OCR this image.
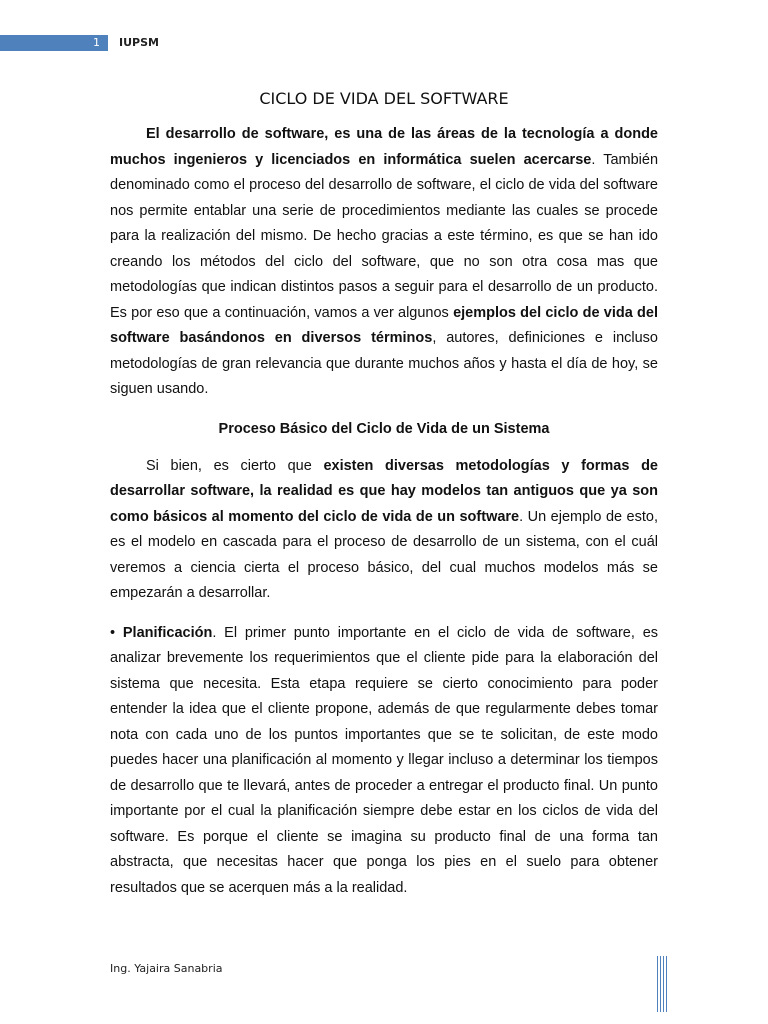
1 IUPSM
CICLO DE VIDA DEL SOFTWARE

El desarrollo de software, es una de las áreas de la tecnología a donde muchos ingenieros y licenciados en informática suelen acercarse. También denominado como el proceso del desarrollo de software, el ciclo de vida del software nos permite entablar una serie de procedimientos mediante las cuales se procede para la realización del mismo. De hecho gracias a este término, es que se han ido creando los métodos del ciclo del software, que no son otra cosa mas que metodologías que indican distintos pasos a seguir para el desarrollo de un producto. Es por eso que a continuación, vamos a ver algunos ejemplos del ciclo de vida del software basándonos en diversos términos, autores, definiciones e incluso metodologías de gran relevancia que durante muchos años y hasta el día de hoy, se siguen usando.

Proceso Básico del Ciclo de Vida de un Sistema

Si bien, es cierto que existen diversas metodologías y formas de desarrollar software, la realidad es que hay modelos tan antiguos que ya son como básicos al momento del ciclo de vida de un software. Un ejemplo de esto, es el modelo en cascada para el proceso de desarrollo de un sistema, con el cuál veremos a ciencia cierta el proceso básico, del cual muchos modelos más se empezarán a desarrollar.

• Planificación. El primer punto importante en el ciclo de vida de software, es analizar brevemente los requerimientos que el cliente pide para la elaboración del sistema que necesita. Esta etapa requiere se cierto conocimiento para poder entender la idea que el cliente propone, además de que regularmente debes tomar nota con cada uno de los puntos importantes que se te solicitan, de este modo puedes hacer una planificación al momento y llegar incluso a determinar los tiempos de desarrollo que te llevará, antes de proceder a entregar el producto final. Un punto importante por el cual la planificación siempre debe estar en los ciclos de vida del software. Es porque el cliente se imagina su producto final de una forma tan abstracta, que necesitas hacer que ponga los pies en el suelo para obtener resultados que se acerquen más a la realidad.

Ing. Yajaira Sanabria
